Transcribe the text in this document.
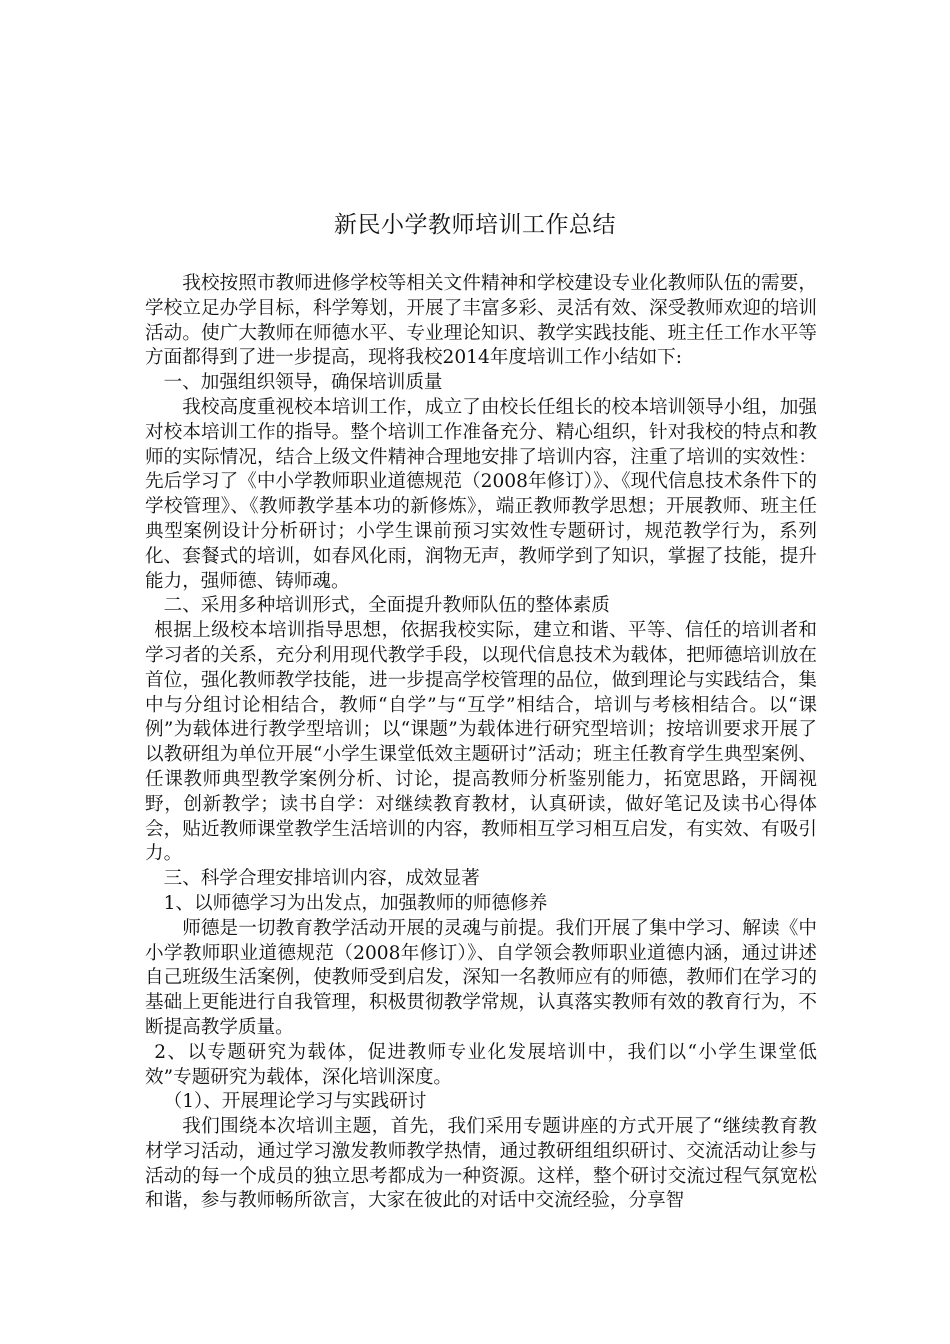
新民小学教师培训工作总结

我校按照市教师进修学校等相关文件精神和学校建设专业化教师队伍的需要，学校立足办学目标，科学筹划，开展了丰富多彩、灵活有效、深受教师欢迎的培训活动。使广大教师在师德水平、专业理论知识、教学实践技能、班主任工作水平等方面都得到了进一步提高，现将我校2014年度培训工作小结如下:

一、加强组织领导，确保培训质量

我校高度重视校本培训工作，成立了由校长任组长的校本培训领导小组，加强对校本培训工作的指导。整个培训工作准备充分、精心组织，针对我校的特点和教师的实际情况，结合上级文件精神合理地安排了培训内容，注重了培训的实效性：先后学习了《中小学教师职业道德规范（2008年修订）》、《现代信息技术条件下的学校管理》、《教师教学基本功的新修炼》，端正教师教学思想；开展教师、班主任典型案例设计分析研讨；小学生课前预习实效性专题研讨，规范教学行为，系列化、套餐式的培训，如春风化雨，润物无声，教师学到了知识，掌握了技能，提升能力，强师德、铸师魂。

二、采用多种培训形式，全面提升教师队伍的整体素质

根据上级校本培训指导思想，依据我校实际，建立和谐、平等、信任的培训者和学习者的关系，充分利用现代教学手段，以现代信息技术为载体，把师德培训放在首位，强化教师教学技能，进一步提高学校管理的品位，做到理论与实践结合，集中与分组讨论相结合，教师“自学”与“互学”相结合，培训与考核相结合。以“课例”为载体进行教学型培训；以“课题”为载体进行研究型培训；按培训要求开展了以教研组为单位开展“小学生课堂低效主题研讨”活动；班主任教育学生典型案例、任课教师典型教学案例分析、讨论，提高教师分析鉴别能力，拓宽思路，开阔视野，创新教学；读书自学：对继续教育教材，认真研读，做好笔记及读书心得体会，贴近教师课堂教学生活培训的内容，教师相互学习相互启发，有实效、有吸引力。

三、科学合理安排培训内容，成效显著

1、以师德学习为出发点，加强教师的师德修养

师德是一切教育教学活动开展的灵魂与前提。我们开展了集中学习、解读《中小学教师职业道德规范（2008年修订）》、自学领会教师职业道德内涵，通过讲述自己班级生活案例，使教师受到启发，深知一名教师应有的师德，教师们在学习的基础上更能进行自我管理，积极贯彻教学常规，认真落实教师有效的教育行为，不断提高教学质量。

2、以专题研究为载体，促进教师专业化发展培训中，我们以“小学生课堂低效”专题研究为载体，深化培训深度。

（1）、开展理论学习与实践研讨

我们围绕本次培训主题，首先，我们采用专题讲座的方式开展了“继续教育教材学习活动，通过学习激发教师教学热情，通过教研组组织研讨、交流活动让参与活动的每一个成员的独立思考都成为一种资源。这样，整个研讨交流过程气氛宽松和谐，参与教师畅所欲言，大家在彼此的对话中交流经验，分享智
